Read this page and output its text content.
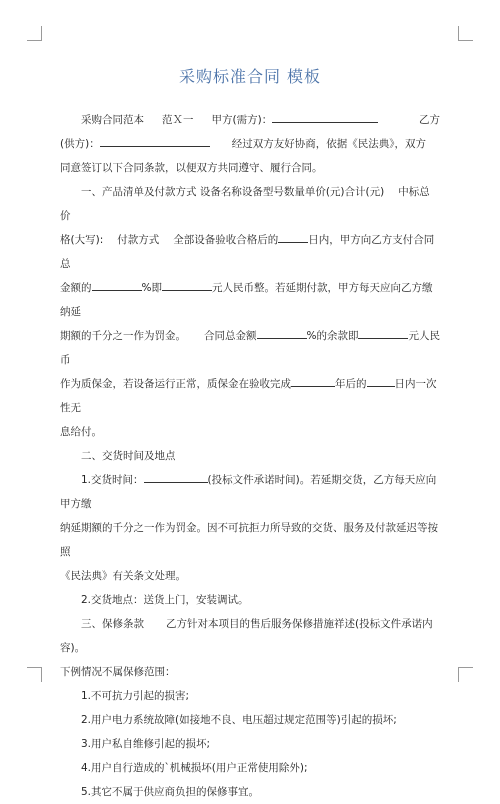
采购标准合同 模板

采购合同范本 范Ｘ一 甲方(需方)：	乙方

(供方)：	经过双方友好协商，依据《民法典》，双方

同意签订以下合同条款，以便双方共同遵守、履行合同。

一、产品清单及付款方式 设备名称设备型号数量单价(元)合计(元) 中标总价

格(大写): 付款方式 全部设备验收合格后的	日内，甲方向乙方支付合同总

金额的	%即	元人民币整。若延期付款，甲方每天应向乙方缴纳延

期额的千分之一作为罚金。 合同总金额	%的余款即	元人民币

作为质保金，若设备运行正常，质保金在验收完成	年后的	日内一次性无

息给付。

二、交货时间及地点

1.交货时间：	(投标文件承诺时间)。若延期交货，乙方每天应向甲方缴

纳延期额的千分之一作为罚金。因不可抗拒力所导致的交货、服务及付款延迟等按照

《民法典》有关条文处理。

2.交货地点：送货上门，安装调试。

三、保修条款 乙方针对本项目的售后服务保修措施祥述(投标文件承诺内容)。

下例情况不属保修范围：

1.不可抗力引起的损害;

2.用户电力系统故障(如接地不良、电压超过规定范围等)引起的损坏;

3.用户私自维修引起的损坏;

4.用户自行造成的`机械损坏(用户正常使用除外);

5.其它不属于供应商负担的保修事宜。
